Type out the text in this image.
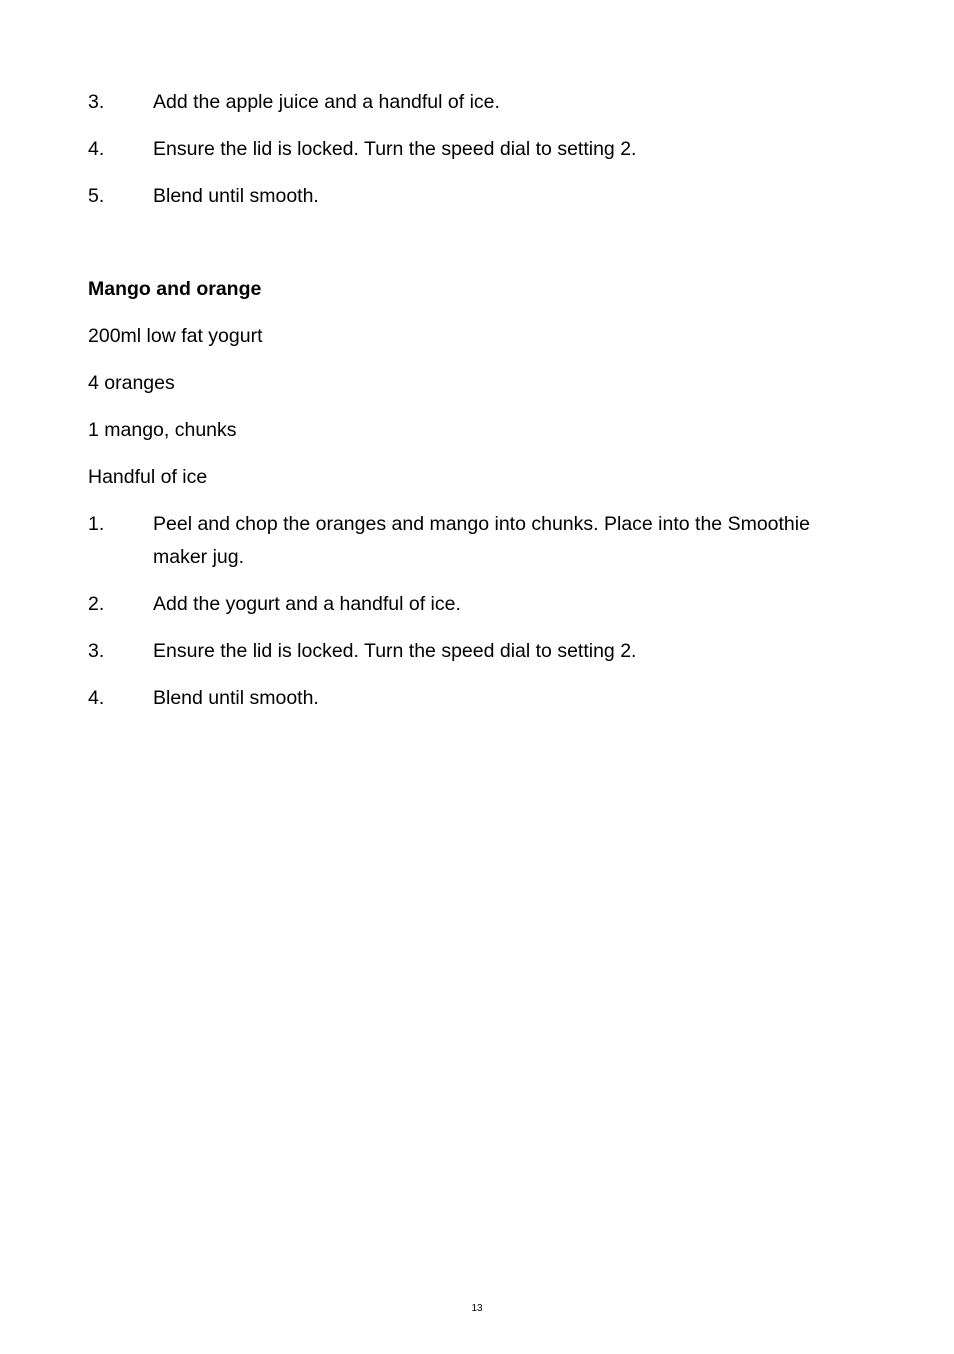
3.	Add the apple juice and a handful of ice.
4.	Ensure the lid is locked. Turn the speed dial to setting 2.
5.	Blend until smooth.
Mango and orange
200ml low fat yogurt
4 oranges
1 mango, chunks
Handful of ice
1.	Peel and chop the oranges and mango into chunks. Place into the Smoothie maker jug.
2.	Add the yogurt and a handful of ice.
3.	Ensure the lid is locked. Turn the speed dial to setting 2.
4.	Blend until smooth.
13
